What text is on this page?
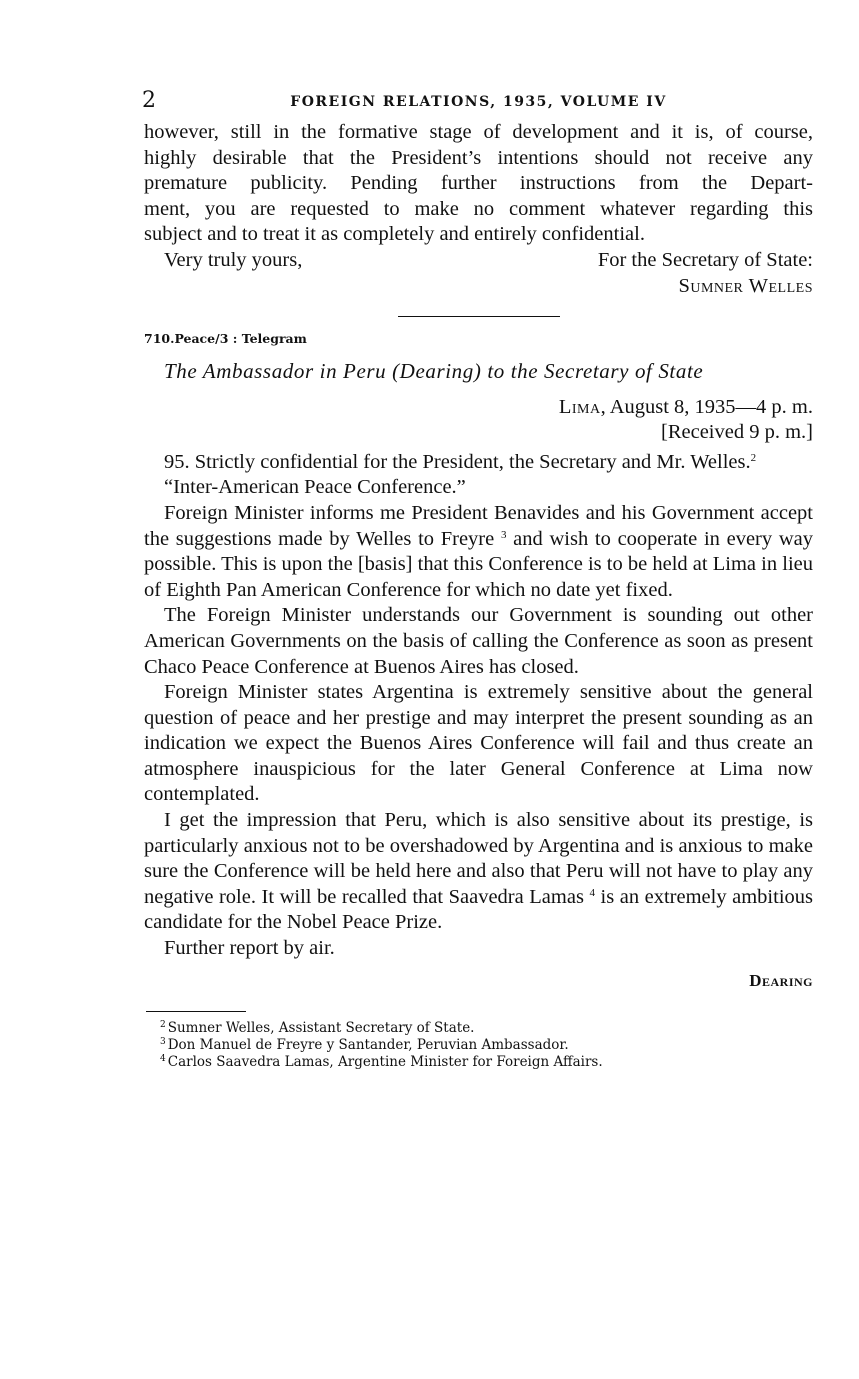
2	FOREIGN RELATIONS, 1935, VOLUME IV
however, still in the formative stage of development and it is, of course,
highly desirable that the President’s intentions should not receive any
premature publicity. Pending further instructions from the Depart-
ment, you are requested to make no comment whatever regarding this
subject and to treat it as completely and entirely confidential.
Very truly yours,	For the Secretary of State:
Sumner Welles
710.Peace/3 : Telegram
The Ambassador in Peru (Dearing) to the Secretary of State
Lima, August 8, 1935—4 p. m.
[Received 9 p. m.]

95. Strictly confidential for the President, the Secretary and Mr. Welles.$^2$

“Inter-American Peace Conference.”

Foreign Minister informs me President Benavides and his Government accept the suggestions made by Welles to Freyre $^3$ and wish to cooperate in every way possible. This is upon the [basis] that this Conference is to be held at Lima in lieu of Eighth Pan American Conference for which no date yet fixed.

The Foreign Minister understands our Government is sounding out other American Governments on the basis of calling the Conference as soon as present Chaco Peace Conference at Buenos Aires has closed.

Foreign Minister states Argentina is extremely sensitive about the general question of peace and her prestige and may interpret the present sounding as an indication we expect the Buenos Aires Conference will fail and thus create an atmosphere inauspicious for the later General Conference at Lima now contemplated.

I get the impression that Peru, which is also sensitive about its prestige, is particularly anxious not to be overshadowed by Argentina and is anxious to make sure the Conference will be held here and also that Peru will not have to play any negative role. It will be recalled that Saavedra Lamas $^4$ is an extremely ambitious candidate for the Nobel Peace Prize.

Further report by air.

Dearing

$^2$ Sumner Welles, Assistant Secretary of State.

$^3$ Don Manuel de Freyre y Santander, Peruvian Ambassador.

$^4$ Carlos Saavedra Lamas, Argentine Minister for Foreign Affairs.
